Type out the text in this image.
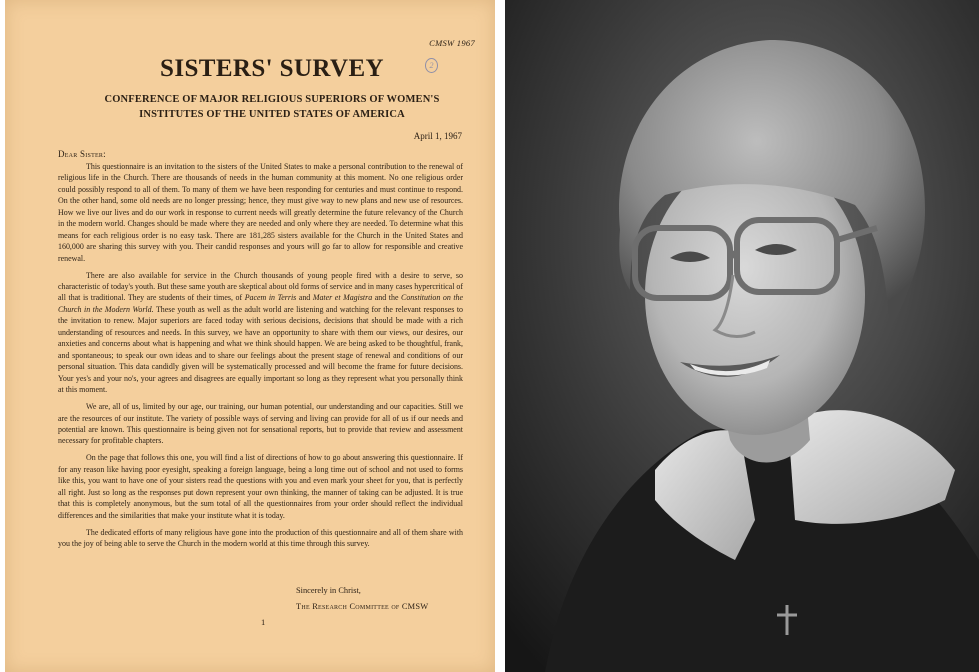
CMSW 1967
2
SISTERS' SURVEY
CONFERENCE OF MAJOR RELIGIOUS SUPERIORS OF WOMEN'S
INSTITUTES OF THE UNITED STATES OF AMERICA
April 1, 1967
Dear Sister:

This questionnaire is an invitation to the sisters of the United States to make a personal contribution to the renewal of religious life in the Church. There are thousands of needs in the human community at this moment. No one religious order could possibly respond to all of them. To many of them we have been responding for centuries and must continue to respond. On the other hand, some old needs are no longer pressing; hence, they must give way to new plans and new use of resources. How we live our lives and do our work in response to current needs will greatly determine the future relevancy of the Church in the modern world. Changes should be made where they are needed and only where they are needed. To determine what this means for each religious order is no easy task. There are 181,285 sisters available for the Church in the United States and 160,000 are sharing this survey with you. Their candid responses and yours will go far to allow for responsible and creative renewal.

There are also available for service in the Church thousands of young people fired with a desire to serve, so characteristic of today's youth. But these same youth are skeptical about old forms of service and in many cases hypercritical of all that is traditional. They are students of their times, of Pacem in Terris and Mater et Magistra and the Constitution on the Church in the Modern World. These youth as well as the adult world are listening and watching for the relevant responses to the invitation to renew. Major superiors are faced today with serious decisions, decisions that should be made with a rich understanding of resources and needs. In this survey, we have an opportunity to share with them our views, our desires, our anxieties and concerns about what is happening and what we think should happen. We are being asked to be thoughtful, frank, and spontaneous; to speak our own ideas and to share our feelings about the present stage of renewal and conditions of our personal situation. This data candidly given will be systematically processed and will become the frame for future decisions. Your yes's and your no's, your agrees and disagrees are equally important so long as they represent what you personally think at this moment.

We are, all of us, limited by our age, our training, our human potential, our understanding and our capacities. Still we are the resources of our institute. The variety of possible ways of serving and living can provide for all of us if our needs and potential are known. This questionnaire is being given not for sensational reports, but to provide that review and assessment necessary for profitable chapters.

On the page that follows this one, you will find a list of directions of how to go about answering this questionnaire. If for any reason like having poor eyesight, speaking a foreign language, being a long time out of school and not used to forms like this, you want to have one of your sisters read the questions with you and even mark your sheet for you, that is perfectly all right. Just so long as the responses put down represent your own thinking, the manner of taking can be adjusted. It is true that this is completely anonymous, but the sum total of all the questionnaires from your order should reflect the individual differences and the similarities that make your institute what it is today.

The dedicated efforts of many religious have gone into the production of this questionnaire and all of them share with you the joy of being able to serve the Church in the modern world at this time through this survey.

Sincerely in Christ,
The Research Committee of CMSW
1
